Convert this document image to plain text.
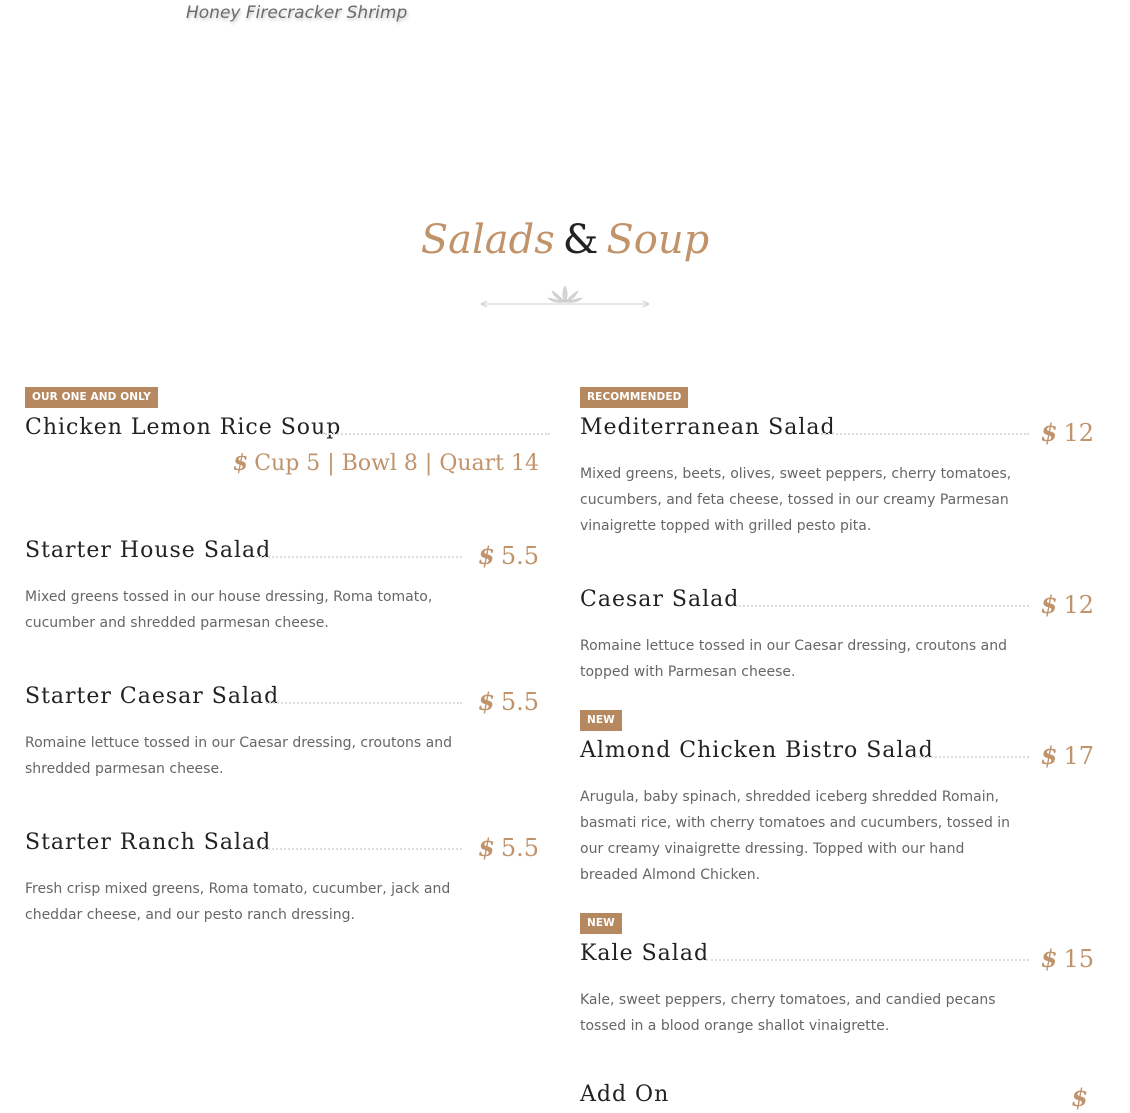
Honey Firecracker Shrimp
Salads & Soup
OUR ONE AND ONLY
Chicken Lemon Rice Soup
$ Cup 5 | Bowl 8 | Quart 14
Starter House Salad	$ 5.5
Mixed greens tossed in our house dressing, Roma tomato, cucumber and shredded parmesan cheese.
Starter Caesar Salad	$ 5.5
Romaine lettuce tossed in our Caesar dressing, croutons and shredded parmesan cheese.
Starter Ranch Salad	$ 5.5
Fresh crisp mixed greens, Roma tomato, cucumber, jack and cheddar cheese, and our pesto ranch dressing.
RECOMMENDED
Mediterranean Salad	$ 12
Mixed greens, beets, olives, sweet peppers, cherry tomatoes, cucumbers, and feta cheese, tossed in our creamy Parmesan vinaigrette topped with grilled pesto pita.
Caesar Salad	$ 12
Romaine lettuce tossed in our Caesar dressing, croutons and topped with Parmesan cheese.
NEW
Almond Chicken Bistro Salad	$ 17
Arugula, baby spinach, shredded iceberg shredded Romain, basmati rice, with cherry tomatoes and cucumbers, tossed in our creamy vinaigrette dressing. Topped with our hand breaded Almond Chicken.
NEW
Kale Salad	$ 15
Kale, sweet peppers, cherry tomatoes, and candied pecans tossed in a blood orange shallot vinaigrette.
Add On	$
